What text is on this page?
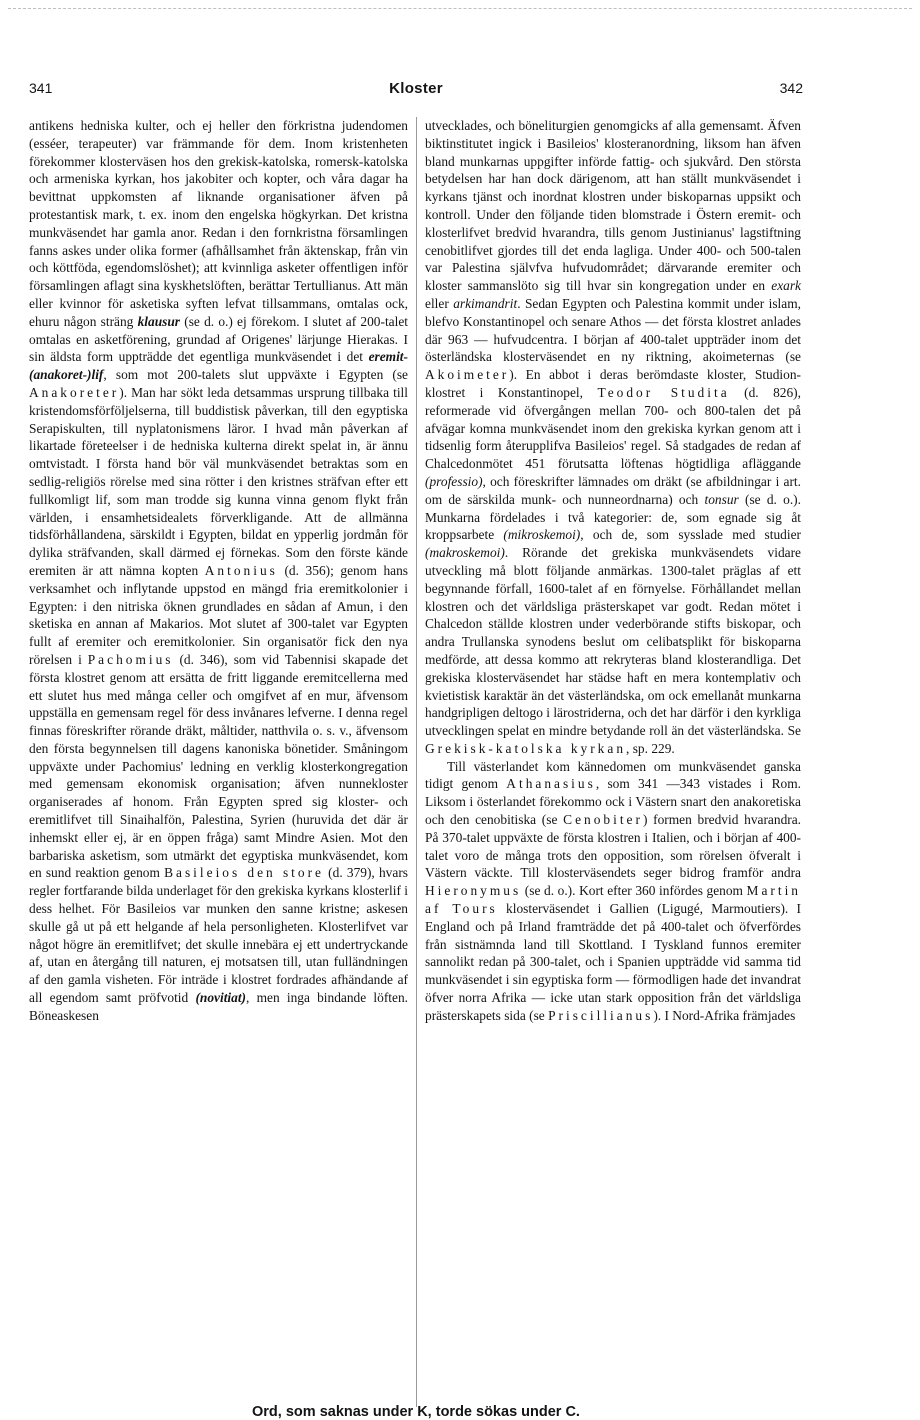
341	Kloster	342

antikens hedniska kulter, och ej heller den förkristna judendomen (esséer, terapeuter) var främmande för dem. Inom kristenheten förekommer klosterväsen hos den grekisk-katolska, romersk-katolska och armeniska kyrkan, hos jakobiter och kopter, och våra dagar ha bevittnat uppkomsten af liknande organisationer äfven på protestantisk mark, t. ex. inom den engelska högkyrkan. Det kristna munkväsendet har gamla anor. Redan i den fornkristna församlingen fanns askes under olika former (afhållsamhet från äktenskap, från vin och köttföda, egendomslöshet); att kvinnliga asketer offentligen inför församlingen aflagt sina kyskhetslöften, berättar Tertullianus. Att män eller kvinnor för asketiska syften lefvat tillsammans, omtalas ock, ehuru någon sträng klausur (se d. o.) ej förekom. I slutet af 200-talet omtalas en asketförening, grundad af Origenes' lärjunge Hierakas. I sin äldsta form uppträdde det egentliga munkväsendet i det eremit-(anakoret-)lif, som mot 200-talets slut uppväxte i Egypten (se Anakoreter). Man har sökt leda detsammas ursprung tillbaka till kristendomsförföljelserna, till buddistisk påverkan, till den egyptiska Serapiskulten, till nyplatonismens läror. I hvad mån påverkan af likartade företeelser i de hedniska kulterna direkt spelat in, är ännu omtvistadt. I första hand bör väl munkväsendet betraktas som en sedlig-religiös rörelse med sina rötter i den kristnes sträfvan efter ett fullkomligt lif, som man trodde sig kunna vinna genom flykt från världen, i ensamhetsidealets förverkligande. Att de allmänna tidsförhållandena, särskildt i Egypten, bildat en ypperlig jordmån för dylika sträfvanden, skall därmed ej förnekas. Som den förste kände eremiten är att nämna kopten Antonius (d. 356); genom hans verksamhet och inflytande uppstod en mängd fria eremitkolonier i Egypten: i den nitriska öknen grundlades en sådan af Amun, i den sketiska en annan af Makarios. Mot slutet af 300-talet var Egypten fullt af eremiter och eremitkolonier. Sin organisatör fick den nya rörelsen i Pachomius (d. 346), som vid Tabennisi skapade det första klostret genom att ersätta de fritt liggande eremitcellerna med ett slutet hus med många celler och omgifvet af en mur, äfvensom uppställa en gemensam regel för dess invånares lefverne. I denna regel finnas föreskrifter rörande dräkt, måltider, natthvila o. s. v., äfvensom den första begynnelsen till dagens kanoniska bönetider. Småningom uppväxte under Pachomius' ledning en verklig klosterkongregation med gemensam ekonomisk organisation; äfven nunnekloster organiserades af honom. Från Egypten spred sig kloster- och eremitlifvet till Sinaihalfön, Palestina, Syrien (huruvida det där är inhemskt eller ej, är en öppen fråga) samt Mindre Asien. Mot den barbariska asketism, som utmärkt det egyptiska munkväsendet, kom en sund reaktion genom Basileios den store (d. 379), hvars regler fortfarande bilda underlaget för den grekiska kyrkans klosterlif i dess helhet. För Basileios var munken den sanne kristne; askesen skulle gå ut på ett helgande af hela personligheten. Klosterlifvet var något högre än eremitlifvet; det skulle innebära ej ett undertryckande af, utan en återgång till naturen, ej motsatsen till, utan fulländningen af den gamla visheten. För inträde i klostret fordrades afhändande af all egendom samt pröfvotid (novitiat), men inga bindande löften. Böneaskesen

utvecklades, och böneliturgien genomgicks af alla gemensamt. Äfven biktinstitutet ingick i Basileios' klosteranordning, liksom han äfven bland munkarnas uppgifter införde fattig- och sjukvård. Den största betydelsen har han dock därigenom, att han ställt munkväsendet i kyrkans tjänst och inordnat klostren under biskoparnas uppsikt och kontroll. Under den följande tiden blomstrade i Östern eremit- och klosterlifvet bredvid hvarandra, tills genom Justinianus' lagstiftning cenobitlifvet gjordes till det enda lagliga. Under 400- och 500-talen var Palestina självfva hufvudområdet; därvarande eremiter och kloster sammanslöto sig till hvar sin kongregation under en exark eller arkimandrit. Sedan Egypten och Palestina kommit under islam, blefvo Konstantinopel och senare Athos — det första klostret anlades där 963 — hufvudcentra. I början af 400-talet uppträder inom det österländska klosterväsendet en ny riktning, akoimeternas (se Akoimeter). En abbot i deras berömdaste kloster, Studion-klostret i Konstantinopel, Teodor Studita (d. 826), reformerade vid öfvergången mellan 700- och 800-talen det på afvägar komna munkväsendet inom den grekiska kyrkan genom att i tidsenlig form återupplifva Basileios' regel. Så stadgades de redan af Chalcedonmötet 451 förutsatta löftenas högtidliga afläggande (professio), och föreskrifter lämnades om dräkt (se afbildningar i art. om de särskilda munk- och nunneordnarna) och tonsur (se d. o.). Munkarna fördelades i två kategorier: de, som egnade sig åt kroppsarbete (mikroskemoi), och de, som sysslade med studier (makroskemoi). Rörande det grekiska munkväsendets vidare utveckling må blott följande anmärkas. 1300-talet präglas af ett begynnande förfall, 1600-talet af en förnyelse. Förhållandet mellan klostren och det världsliga prästerskapet var godt. Redan mötet i Chalcedon ställde klostren under vederbörande stifts biskopar, och andra Trullanska synodens beslut om celibatsplikt för biskoparna medförde, att dessa kommo att rekryteras bland klosterandliga. Det grekiska klosterväsendet har städse haft en mera kontemplativ och kvietistisk karaktär än det västerländska, om ock emellanåt munkarna handgripligen deltogo i lärostriderna, och det har därför i den kyrkliga utvecklingen spelat en mindre betydande roll än det västerländska. Se Grekisk-katolska kyrkan, sp. 229.

Till västerlandet kom kännedomen om munkväsendet ganska tidigt genom Athanasius, som 341 —343 vistades i Rom. Liksom i österlandet förekommo ock i Västern snart den anakoretiska och den cenobitiska (se Cenobiter) formen bredvid hvarandra. På 370-talet uppväxte de första klostren i Italien, och i början af 400-talet voro de många trots den opposition, som rörelsen öfveralt i Västern väckte. Till klosterväsendets seger bidrog framför andra Hieronymus (se d. o.). Kort efter 360 infördes genom Martin af Tours klosterväsendet i Gallien (Ligugé, Marmoutiers). I England och på Irland framträdde det på 400-talet och öfverfördes från sistnämnda land till Skottland. I Tyskland funnos eremiter sannolikt redan på 300-talet, och i Spanien uppträdde vid samma tid munkväsendet i sin egyptiska form — förmodligen hade det invandrat öfver norra Afrika — icke utan stark opposition från det världsliga prästerskapets sida (se Priscillianus). I Nord-Afrika främjades

Ord, som saknas under K, torde sökas under C.
